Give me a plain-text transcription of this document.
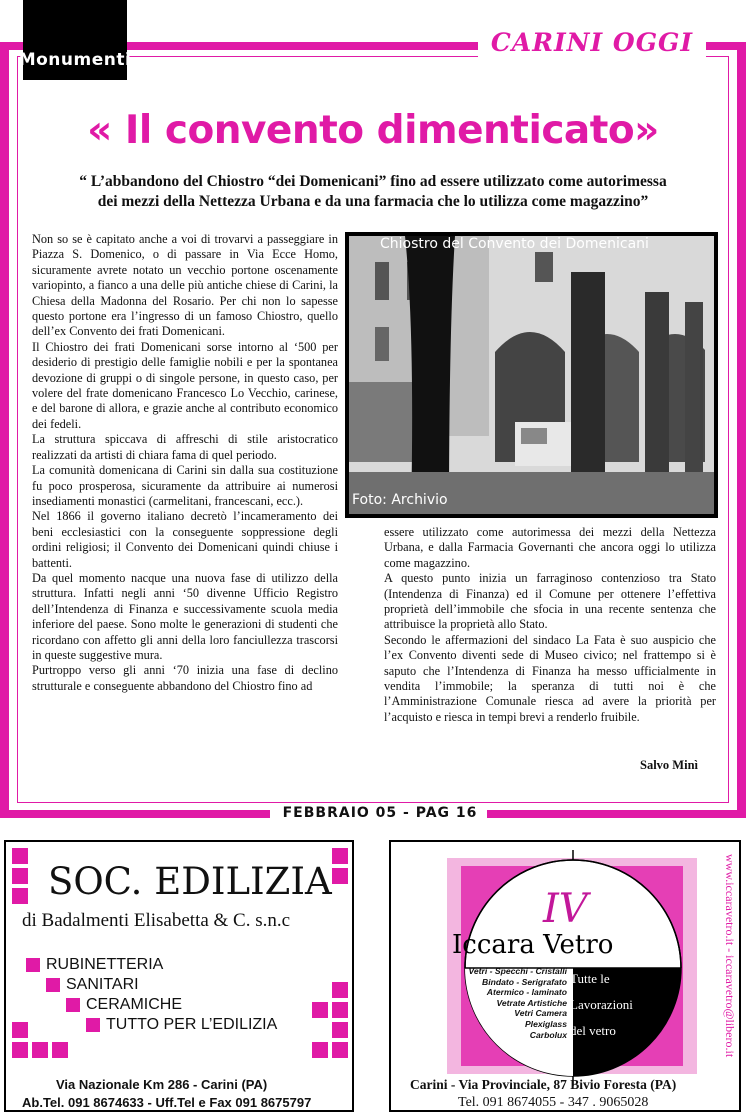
Monumenti
CARINI OGGI
« Il convento dimenticato»
“ L’abbandono del Chiostro “dei Domenicani” fino ad essere utilizzato come autorimessa
dei mezzi della Nettezza Urbana e da una farmacia che lo utilizza come magazzino”

Non so se è capitato anche a voi di trovarvi a passeggiare in Piazza S. Domenico, o di passare in Via Ecce Homo, sicuramente avrete notato un vecchio portone oscenamente variopinto, a fianco a una delle più antiche chiese di Carini, la Chiesa della Madonna del Rosario. Per chi non lo sapesse questo portone era l’ingresso di un famoso Chiostro, quello dell’ex Convento dei frati Domenicani.

Il Chiostro dei frati Domenicani sorse intorno al ‘500 per desiderio di prestigio delle famiglie nobili e per la spontanea devozione di gruppi o di singole persone, in questo caso, per volere del frate domenicano Francesco Lo Vecchio, carinese, e del barone di allora, e grazie anche al contributo economico dei fedeli.

La struttura spiccava di affreschi di stile aristocratico realizzati da artisti di chiara fama di quel periodo.

La comunità domenicana di Carini sin dalla sua costituzione fu poco prosperosa, sicuramente da attribuire ai numerosi insediamenti monastici (carmelitani, francescani, ecc.).

Nel 1866 il governo italiano decretò l’incameramento dei beni ecclesiastici con la conseguente soppressione degli ordini religiosi; il Convento dei Domenicani quindi chiuse i battenti.

Da quel momento nacque una nuova fase di utilizzo della struttura. Infatti negli anni ‘50 divenne Ufficio Registro dell’Intendenza di Finanza e successivamente scuola media inferiore del paese. Sono molte le generazioni di studenti che ricordano con affetto gli anni della loro fanciullezza trascorsi in queste suggestive mura.

Purtroppo verso gli anni ‘70 inizia una fase di declino strutturale e conseguente abbandono del Chiostro fino ad

Chiostro del Convento dei Domenicani
Foto: Archivio

essere utilizzato come autorimessa dei mezzi della Nettezza Urbana, e dalla Farmacia Governanti che ancora oggi lo utilizza come magazzino.

A questo punto inizia un farraginoso contenzioso tra Stato (Intendenza di Finanza) ed il Comune per ottenere l’effettiva proprietà dell’immobile che sfocia in una recente sentenza che attribuisce la proprietà allo Stato.

Secondo le affermazioni del sindaco La Fata è suo auspicio che l’ex Convento diventi sede di Museo civico; nel frattempo si è saputo che l’Intendenza di Finanza ha messo ufficialmente in vendita l’immobile; la speranza di tutti noi è che l’Amministrazione Comunale riesca ad avere la priorità per l’acquisto e riesca in tempi brevi a renderlo fruibile.

Salvo Minì
FEBBRAIO 05 - PAG 16
SOC. EDILIZIA
di Badalmenti Elisabetta & C. s.n.c
RUBINETTERIA
SANITARI
CERAMICHE
TUTTO PER L’EDILIZIA
Via Nazionale Km 286 - Carini (PA)
Ab.Tel. 091 8674633 - Uff.Tel e Fax 091 8675797
IV
Iccara Vetro
Vetri - Specchi - Cristalli
Bindato - Serigrafato
Atermico - laminato
Vetrate Artistiche
Vetri Camera
Plexiglass
Carbolux
Tutte le
Lavorazioni
del vetro
Carini - Via Provinciale, 87 Bivio Foresta (PA)
Tel. 091 8674055 - 347 . 9065028
www.iccaravetro.it - iccaravetro@libero.it
